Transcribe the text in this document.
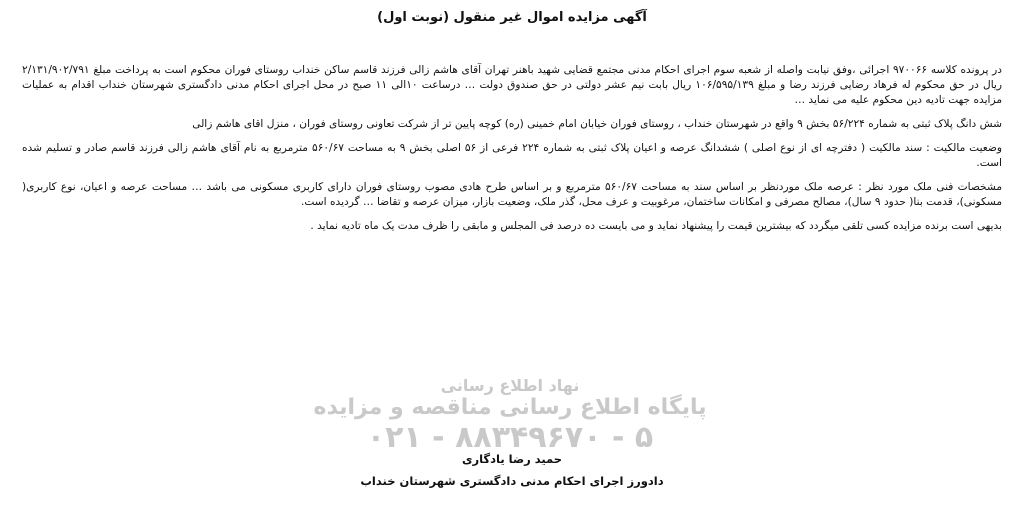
آگهی مزایده اموال غیر منقول (نوبت اول)

در پرونده کلاسه ۹۷۰۰۶۶ اجرائی ،وفق نیابت واصله از شعبه سوم اجرای احکام مدنی مجتمع قضایی شهید باهنر تهران آقای هاشم زالی فرزند قاسم ساکن خنداب روستای فوران محکوم است به پرداخت مبلغ ۲/۱۳۱/۹۰۲/۷۹۱ ریال در حق محکوم له فرهاد رضایی فرزند رضا و مبلغ ۱۰۶/۵۹۵/۱۳۹ ریال بابت نیم عشر دولتی در حق صندوق دولت … درساعت ۱۰الی ۱۱ صبح در محل اجرای احکام مدنی دادگستری شهرستان خنداب اقدام به عملیات مزایده جهت تادیه دین محکوم علیه می نماید …

شش دانگ پلاک ثبتی به شماره ۵۶/۲۲۴ بخش ۹ واقع در شهرستان خنداب ، روستای فوران خیابان امام خمینی (ره) کوچه پایین تر از شرکت تعاونی روستای فوران ، منزل اقای هاشم زالی

وضعیت مالکیت : سند مالکیت ( دفترچه ای از نوع اصلی ) ششدانگ عرصه و اعیان پلاک ثبتی به شماره ۲۲۴ فرعی از ۵۶ اصلی بخش ۹ به مساحت ۵۶۰/۶۷ مترمربع به نام آقای هاشم زالی فرزند قاسم صادر و تسلیم شده است.

مشخصات فنی ملک مورد نظر : عرصه ملک موردنظر بر اساس سند به مساحت ۵۶۰/۶۷ مترمربع و بر اساس طرح هادی مصوب روستای فوران دارای کاربری مسکونی می باشد … مساحت عرصه و اعیان، نوع کاربری( مسکونی)، قدمت بنا( حدود ۹ سال)، مصالح مصرفی و امکانات ساختمان، مرغوبیت و عرف محل، گذر ملک، وضعیت بازار، میزان عرصه و تقاضا … گردیده است.

بدیهی است برنده مزایده کسی تلقی میگردد که بیشترین قیمت را پیشنهاد نماید و می بایست ده درصد فی المجلس و مابقی را ظرف مدت یک ماه تادیه نماید .

نهاد اطلاع رسانی
پایگاه اطلاع رسانی مناقصه و مزایده
۰۲۱ - ۸۸۳۴۹۶۷۰ - ۵
حمید رضا یادگاری
دادورز اجرای احکام مدنی دادگستری شهرستان خنداب
